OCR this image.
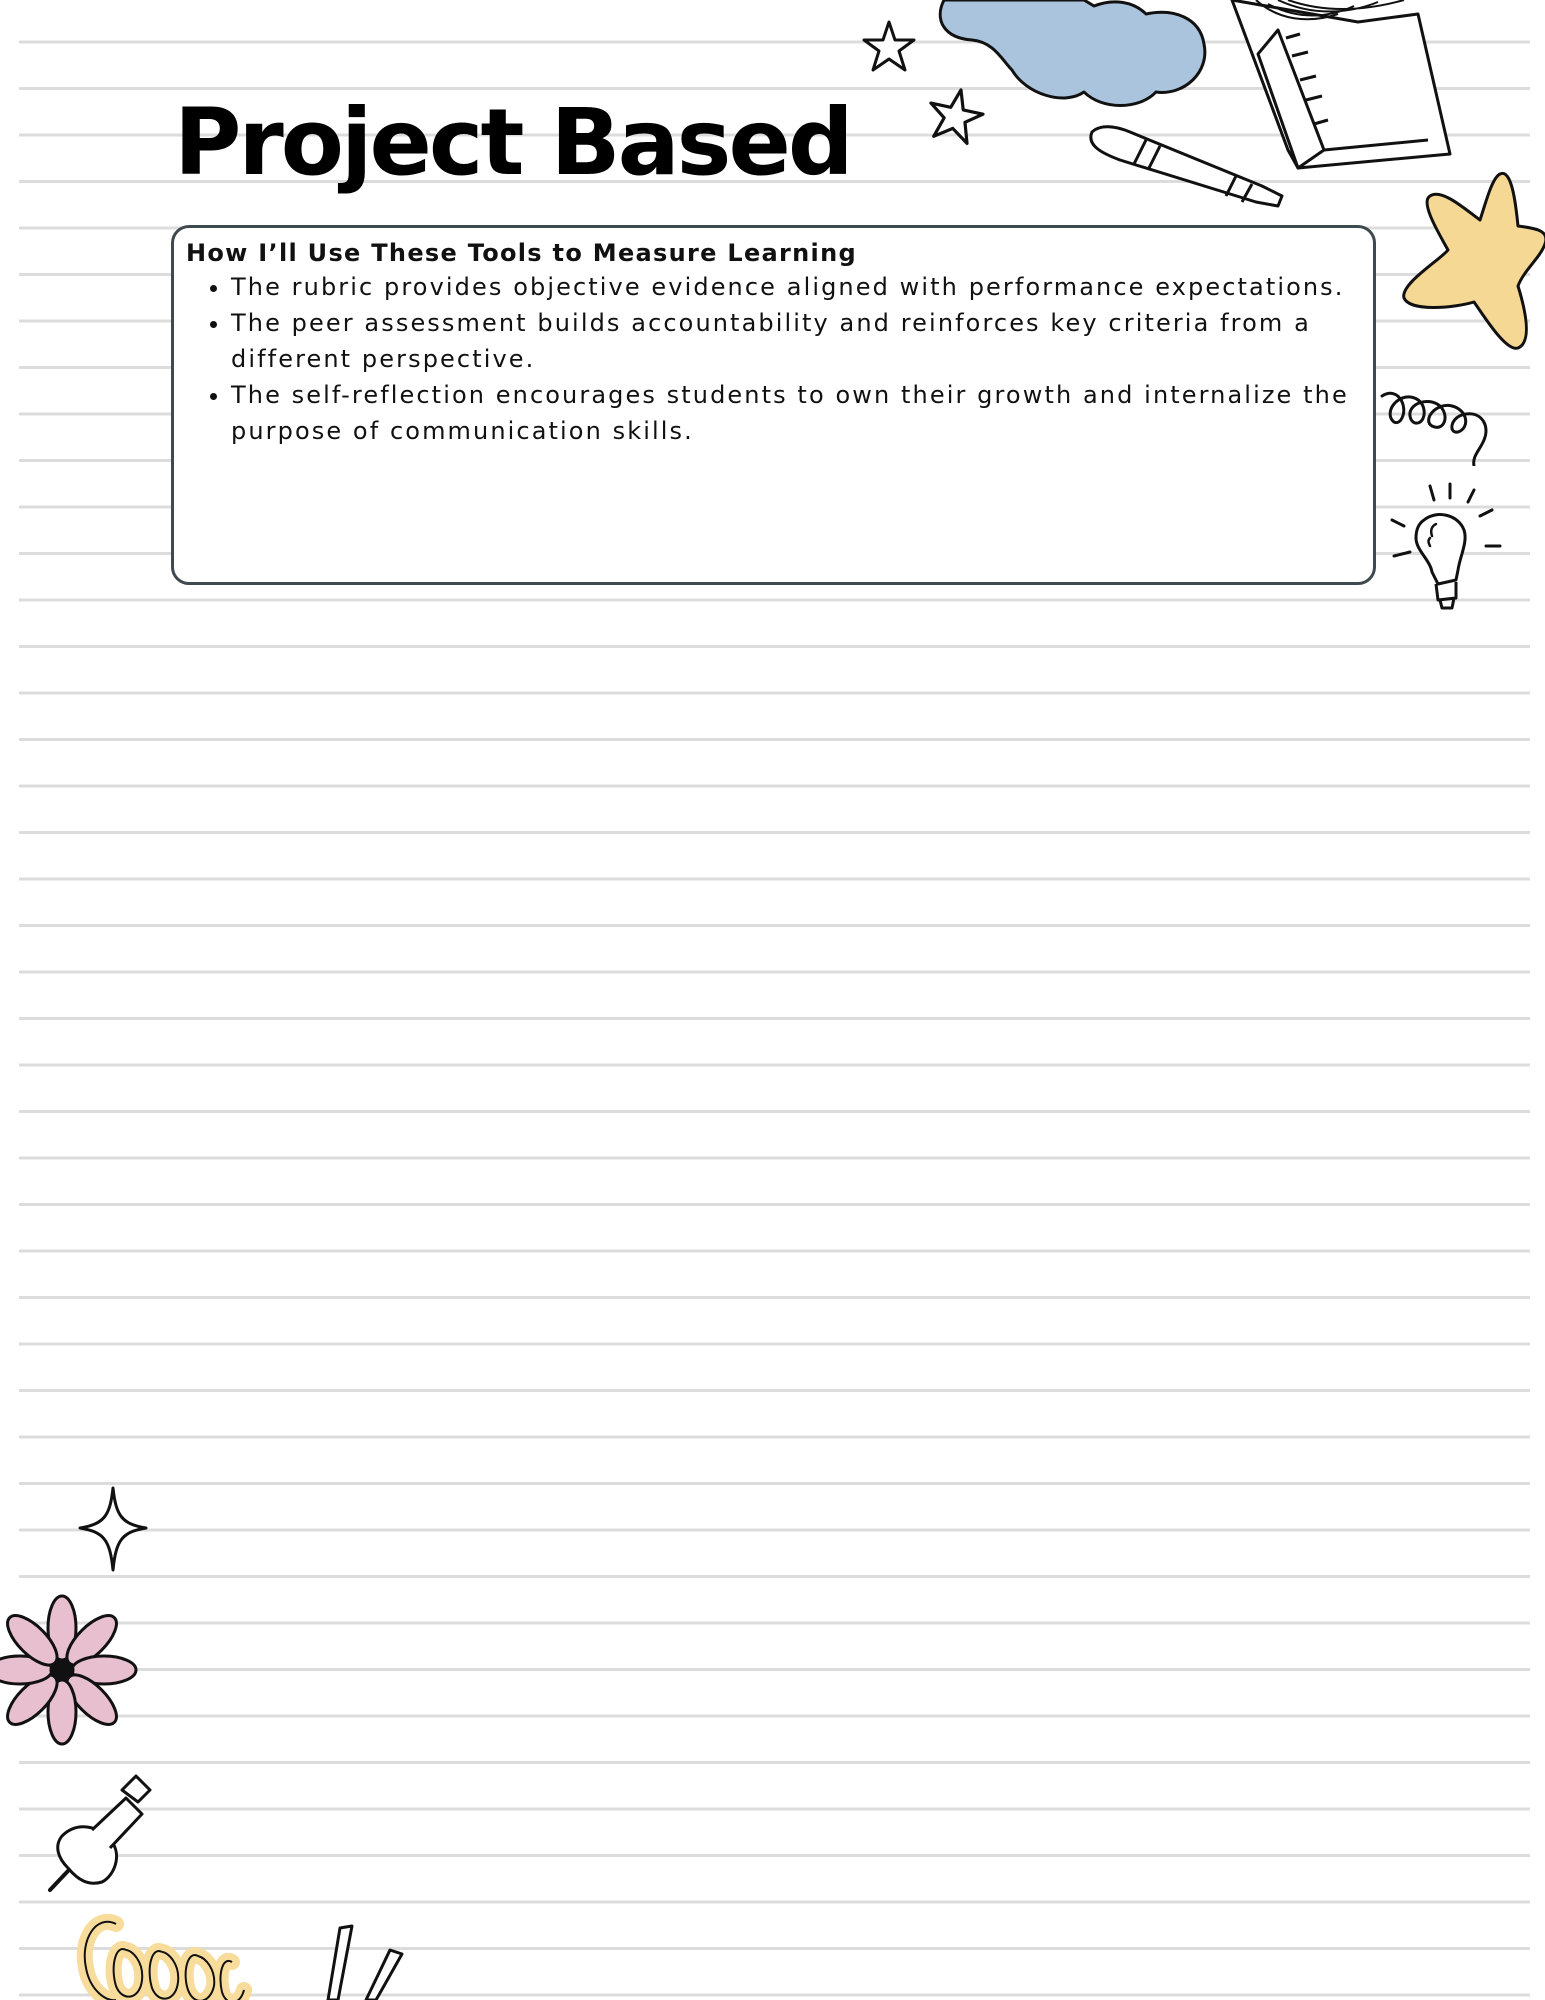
Project Based
How I’ll Use These Tools to Measure Learning
• The rubric provides objective evidence aligned with performance expectations.
• The peer assessment builds accountability and reinforces key criteria from a different perspective.
• The self-reflection encourages students to own their growth and internalize the purpose of communication skills.
